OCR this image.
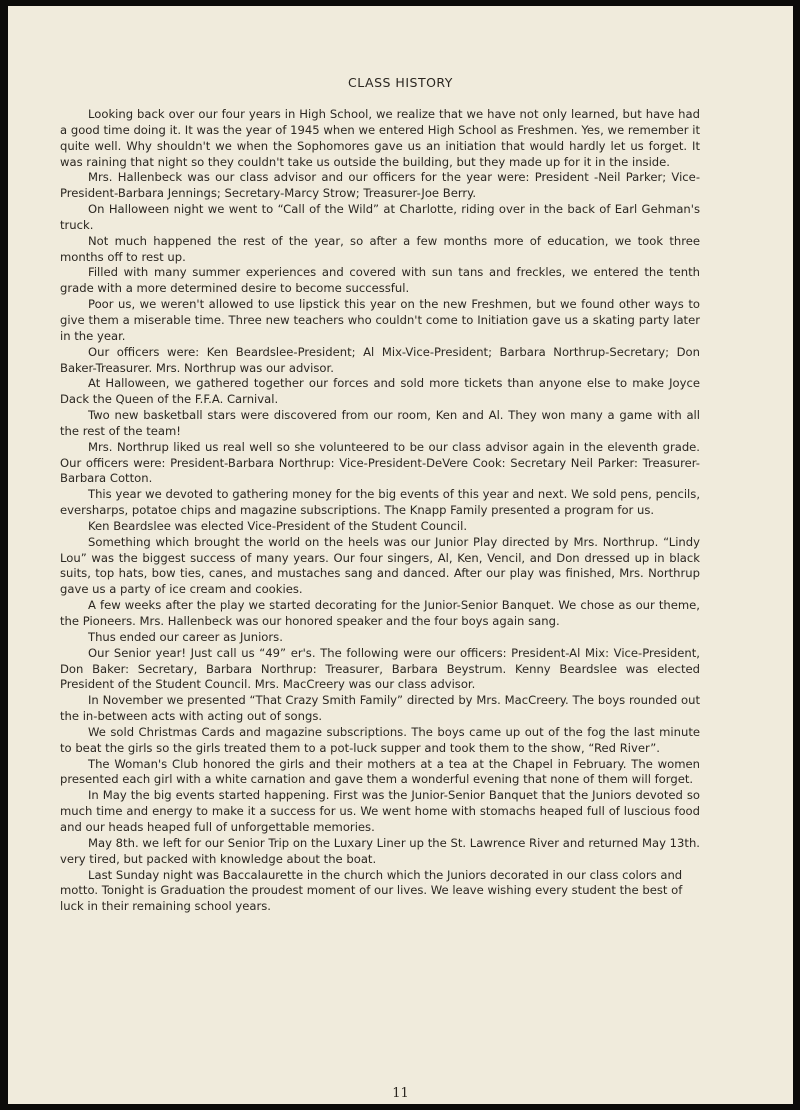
CLASS HISTORY

Looking back over our four years in High School, we realize that we have not only learned, but have had a good time doing it. It was the year of 1945 when we entered High School as Freshmen. Yes, we remember it quite well. Why shouldn't we when the Sophomores gave us an initiation that would hardly let us forget. It was raining that night so they couldn't take us outside the building, but they made up for it in the inside.

Mrs. Hallenbeck was our class advisor and our officers for the year were: President -Neil Parker; Vice-President-Barbara Jennings; Secretary-Marcy Strow; Treasurer-Joe Berry.

On Halloween night we went to “Call of the Wild” at Charlotte, riding over in the back of Earl Gehman's truck.

Not much happened the rest of the year, so after a few months more of education, we took three months off to rest up.

Filled with many summer experiences and covered with sun tans and freckles, we entered the tenth grade with a more determined desire to become successful.

Poor us, we weren't allowed to use lipstick this year on the new Freshmen, but we found other ways to give them a miserable time. Three new teachers who couldn't come to Initiation gave us a skating party later in the year.

Our officers were: Ken Beardslee-President; Al Mix-Vice-President; Barbara Northrup-Secretary; Don Baker-Treasurer. Mrs. Northrup was our advisor.

At Halloween, we gathered together our forces and sold more tickets than anyone else to make Joyce Dack the Queen of the F.F.A. Carnival.

Two new basketball stars were discovered from our room, Ken and Al. They won many a game with all the rest of the team!

Mrs. Northrup liked us real well so she volunteered to be our class advisor again in the eleventh grade. Our officers were: President-Barbara Northrup: Vice-President-DeVere Cook: Secretary Neil Parker: Treasurer-Barbara Cotton.

This year we devoted to gathering money for the big events of this year and next. We sold pens, pencils, eversharps, potatoe chips and magazine subscriptions. The Knapp Family presented a program for us.

Ken Beardslee was elected Vice-President of the Student Council.

Something which brought the world on the heels was our Junior Play directed by Mrs. Northrup. “Lindy Lou” was the biggest success of many years. Our four singers, Al, Ken, Vencil, and Don dressed up in black suits, top hats, bow ties, canes, and mustaches sang and danced. After our play was finished, Mrs. Northrup gave us a party of ice cream and cookies.

A few weeks after the play we started decorating for the Junior-Senior Banquet. We chose as our theme, the Pioneers. Mrs. Hallenbeck was our honored speaker and the four boys again sang.

Thus ended our career as Juniors.

Our Senior year! Just call us “49” er's. The following were our officers: President-Al Mix: Vice-President, Don Baker: Secretary, Barbara Northrup: Treasurer, Barbara Beystrum. Kenny Beardslee was elected President of the Student Council. Mrs. MacCreery was our class advisor.

In November we presented “That Crazy Smith Family” directed by Mrs. MacCreery. The boys rounded out the in-between acts with acting out of songs.

We sold Christmas Cards and magazine subscriptions. The boys came up out of the fog the last minute to beat the girls so the girls treated them to a pot-luck supper and took them to the show, “Red River”.

The Woman's Club honored the girls and their mothers at a tea at the Chapel in February. The women presented each girl with a white carnation and gave them a wonderful evening that none of them will forget.

In May the big events started happening. First was the Junior-Senior Banquet that the Juniors devoted so much time and energy to make it a success for us. We went home with stomachs heaped full of luscious food and our heads heaped full of unforgettable memories.

May 8th. we left for our Senior Trip on the Luxary Liner up the St. Lawrence River and returned May 13th. very tired, but packed with knowledge about the boat.

Last Sunday night was Baccalaurette in the church which the Juniors decorated in our class colors and motto. Tonight is Graduation the proudest moment of our lives. We leave wishing every student the best of luck in their remaining school years.

11
